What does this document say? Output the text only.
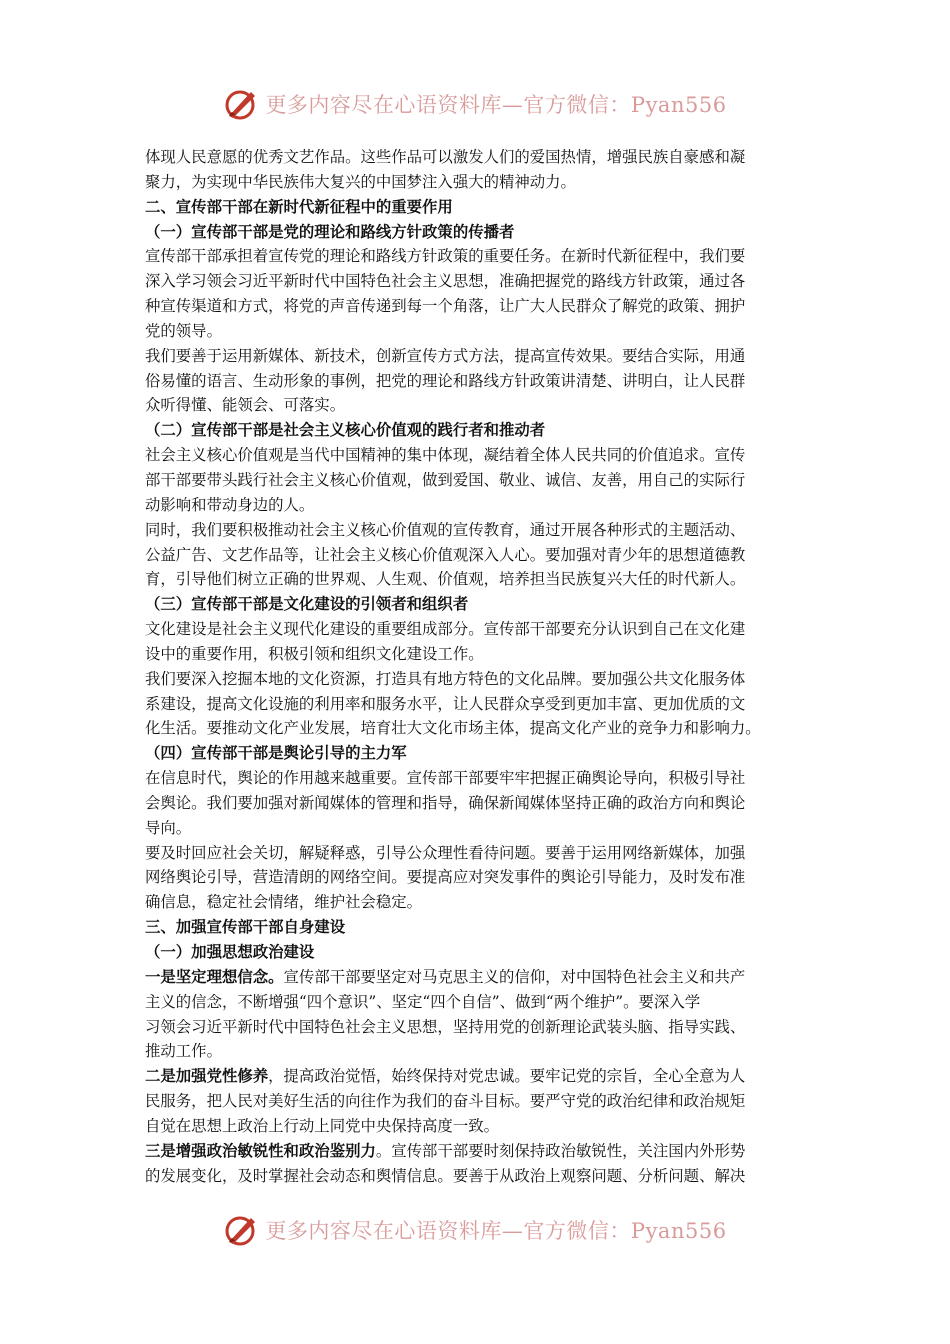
更多内容尽在心语资料库—官方微信：Pyan556
体现人民意愿的优秀文艺作品。这些作品可以激发人们的爱国热情，增强民族自豪感和凝
聚力，为实现中华民族伟大复兴的中国梦注入强大的精神动力。
二、宣传部干部在新时代新征程中的重要作用
（一）宣传部干部是党的理论和路线方针政策的传播者
宣传部干部承担着宣传党的理论和路线方针政策的重要任务。在新时代新征程中，我们要
深入学习领会习近平新时代中国特色社会主义思想，准确把握党的路线方针政策，通过各
种宣传渠道和方式，将党的声音传递到每一个角落，让广大人民群众了解党的政策、拥护
党的领导。
我们要善于运用新媒体、新技术，创新宣传方式方法，提高宣传效果。要结合实际，用通
俗易懂的语言、生动形象的事例，把党的理论和路线方针政策讲清楚、讲明白，让人民群
众听得懂、能领会、可落实。
（二）宣传部干部是社会主义核心价值观的践行者和推动者
社会主义核心价值观是当代中国精神的集中体现，凝结着全体人民共同的价值追求。宣传
部干部要带头践行社会主义核心价值观，做到爱国、敬业、诚信、友善，用自己的实际行
动影响和带动身边的人。
同时，我们要积极推动社会主义核心价值观的宣传教育，通过开展各种形式的主题活动、
公益广告、文艺作品等，让社会主义核心价值观深入人心。要加强对青少年的思想道德教
育，引导他们树立正确的世界观、人生观、价值观，培养担当民族复兴大任的时代新人。
（三）宣传部干部是文化建设的引领者和组织者
文化建设是社会主义现代化建设的重要组成部分。宣传部干部要充分认识到自己在文化建
设中的重要作用，积极引领和组织文化建设工作。
我们要深入挖掘本地的文化资源，打造具有地方特色的文化品牌。要加强公共文化服务体
系建设，提高文化设施的利用率和服务水平，让人民群众享受到更加丰富、更加优质的文
化生活。要推动文化产业发展，培育壮大文化市场主体，提高文化产业的竞争力和影响力。
（四）宣传部干部是舆论引导的主力军
在信息时代，舆论的作用越来越重要。宣传部干部要牢牢把握正确舆论导向，积极引导社
会舆论。我们要加强对新闻媒体的管理和指导，确保新闻媒体坚持正确的政治方向和舆论
导向。
要及时回应社会关切，解疑释惑，引导公众理性看待问题。要善于运用网络新媒体，加强
网络舆论引导，营造清朗的网络空间。要提高应对突发事件的舆论引导能力，及时发布准
确信息，稳定社会情绪，维护社会稳定。
三、加强宣传部干部自身建设
（一）加强思想政治建设
一是坚定理想信念。宣传部干部要坚定对马克思主义的信仰，对中国特色社会主义和共产
主义的信念，不断增强“四个意识”、坚定“四个自信”、做到“两个维护”。要深入学
习领会习近平新时代中国特色社会主义思想，坚持用党的创新理论武装头脑、指导实践、
推动工作。
二是加强党性修养，提高政治觉悟，始终保持对党忠诚。要牢记党的宗旨，全心全意为人
民服务，把人民对美好生活的向往作为我们的奋斗目标。要严守党的政治纪律和政治规矩
自觉在思想上政治上行动上同党中央保持高度一致。
三是增强政治敏锐性和政治鉴别力。宣传部干部要时刻保持政治敏锐性，关注国内外形势
的发展变化，及时掌握社会动态和舆情信息。要善于从政治上观察问题、分析问题、解决
更多内容尽在心语资料库—官方微信：Pyan556
